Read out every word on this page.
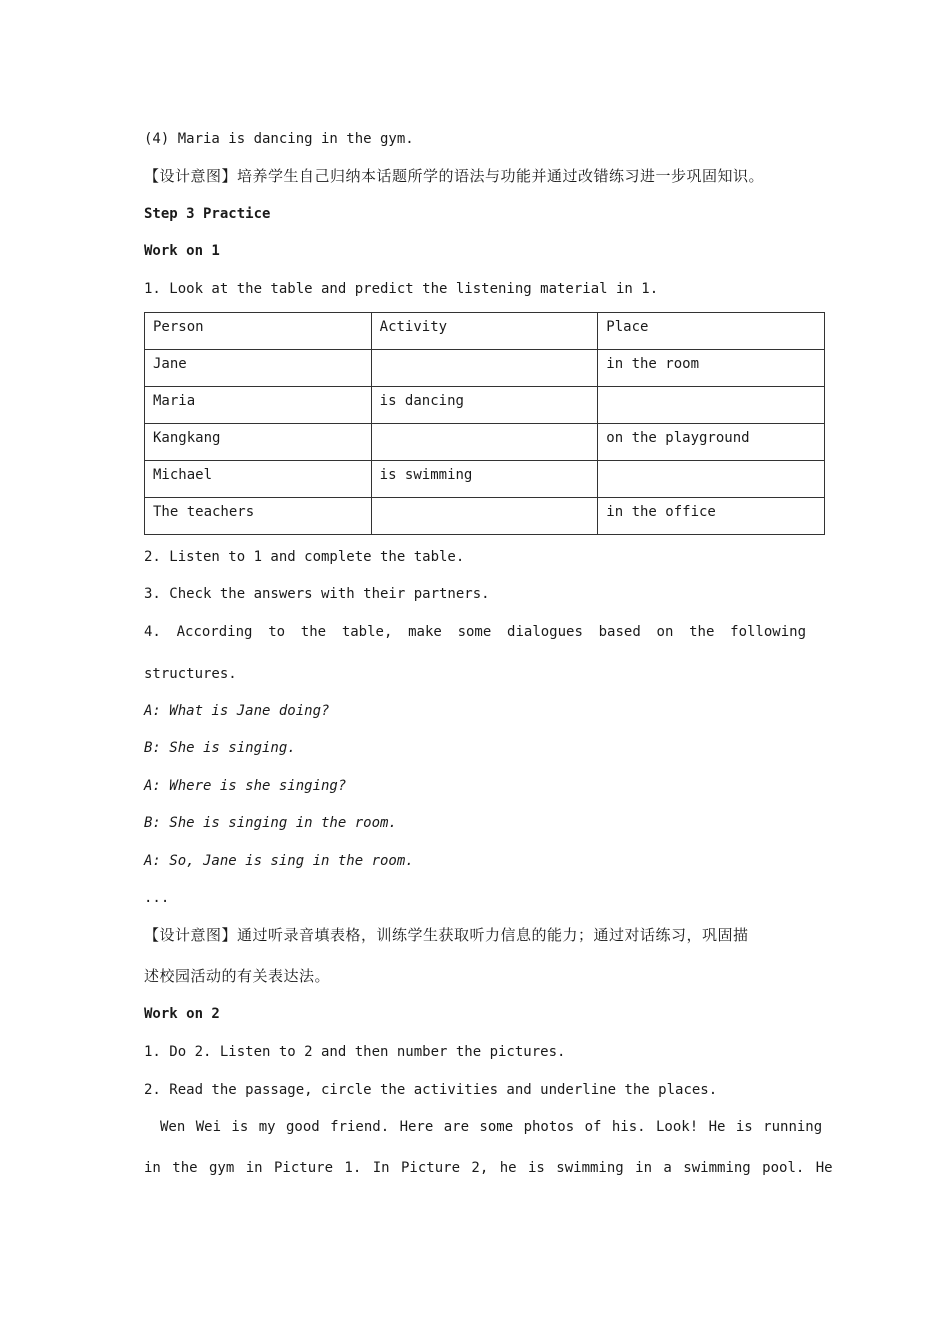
(4) Maria is dancing in the gym.
【设计意图】培养学生自己归纳本话题所学的语法与功能并通过改错练习进一步巩固知识。
Step 3 Practice
Work on 1
1. Look at the table and predict the listening material in 1.
Person	Activity	Place
Jane		in the room
Maria	is dancing	
Kangkang		on the playground
Michael	is swimming	
The teachers		in the office
2. Listen to 1 and complete the table.
3. Check the answers with their partners.
4. According to the table, make some dialogues based on the following
structures.
A: What is Jane doing?
B: She is singing.
A: Where is she singing?
B: She is singing in the room.
A: So, Jane is sing in the room.
...
【设计意图】通过听录音填表格，训练学生获取听力信息的能力；通过对话练习，巩固描
述校园活动的有关表达法。
Work on 2
1. Do 2. Listen to 2 and then number the pictures.
2. Read the passage, circle the activities and underline the places.
Wen Wei is my good friend. Here are some photos of his. Look! He is running
in the gym in Picture 1. In Picture 2, he is swimming in a swimming pool. He
